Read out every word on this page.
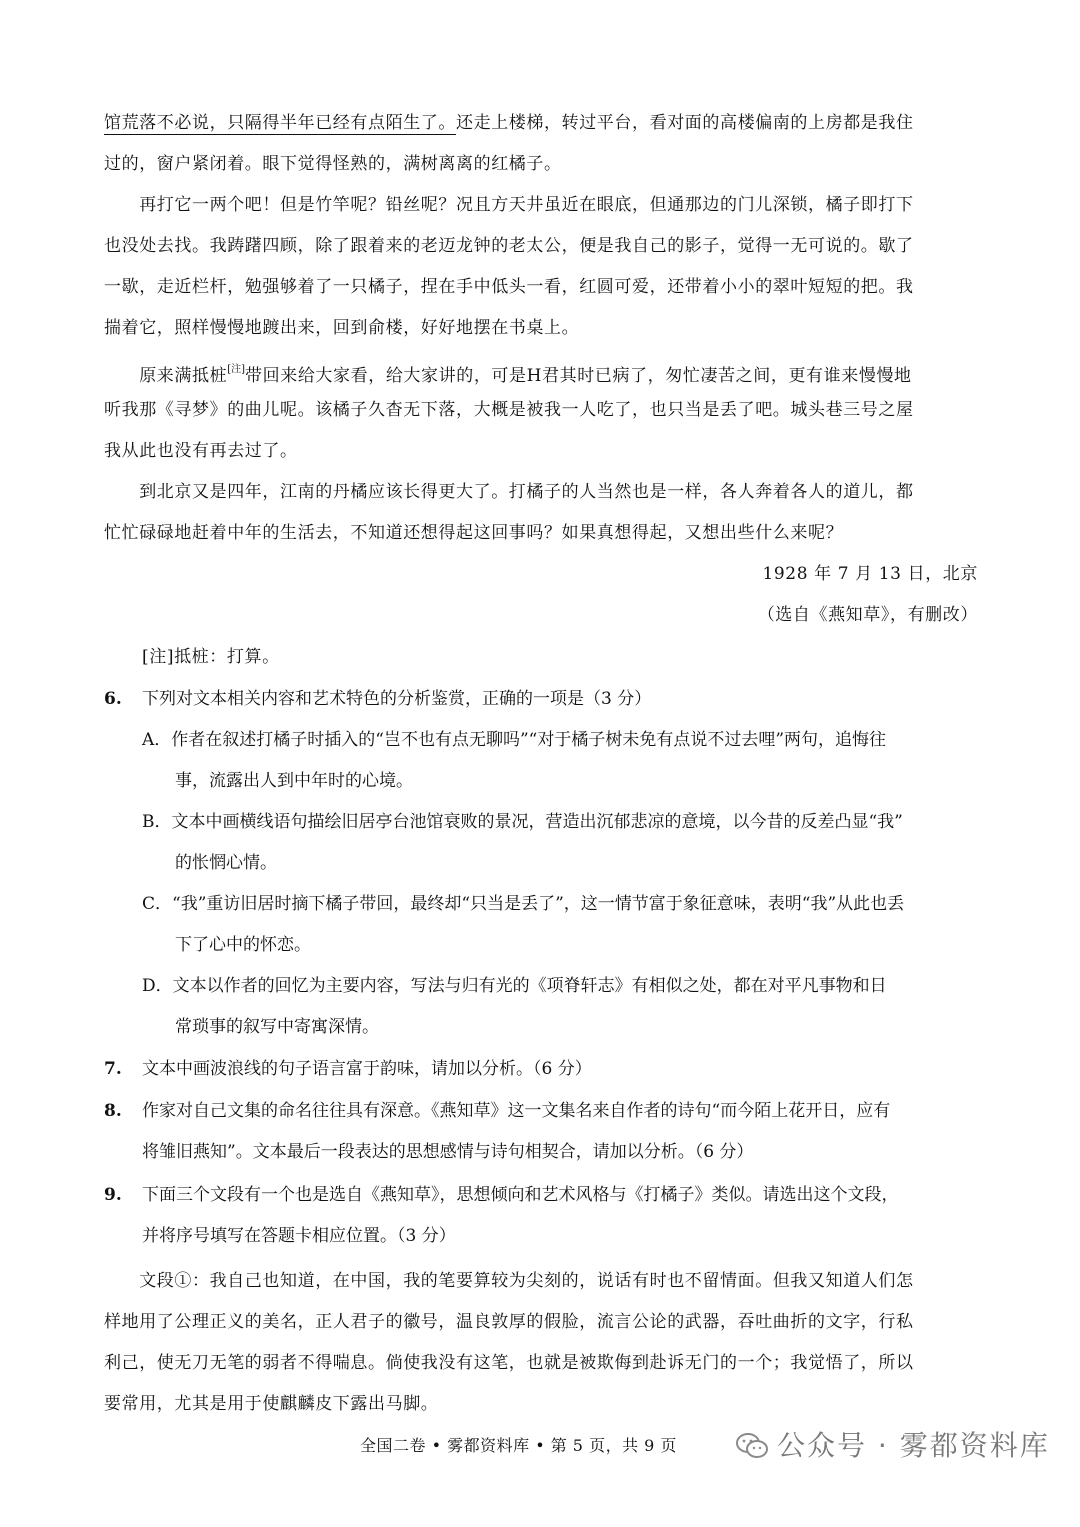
馆荒落不必说，只隔得半年已经有点陌生了。还走上楼梯，转过平台，看对面的高楼偏南的上房都是我住
过的，窗户紧闭着。眼下觉得怪熟的，满树离离的红橘子。
　　再打它一两个吧！但是竹竿呢？铅丝呢？况且方天井虽近在眼底，但通那边的门儿深锁，橘子即打下
也没处去找。我踌躇四顾，除了跟着来的老迈龙钟的老太公，便是我自己的影子，觉得一无可说的。歇了
一歇，走近栏杆，勉强够着了一只橘子，捏在手中低头一看，红圆可爱，还带着小小的翠叶短短的把。我
揣着它，照样慢慢地踱出来，回到俞楼，好好地摆在书桌上。
　　原来满抵桩[注]带回来给大家看，给大家讲的，可是H君其时已病了，匆忙凄苦之间，更有谁来慢慢地
听我那《寻梦》的曲儿呢。该橘子久杳无下落，大概是被我一人吃了，也只当是丢了吧。城头巷三号之屋
我从此也没有再去过了。
　　到北京又是四年，江南的丹橘应该长得更大了。打橘子的人当然也是一样，各人奔着各人的道儿，都
忙忙碌碌地赶着中年的生活去，不知道还想得起这回事吗？如果真想得起，又想出些什么来呢？
1928 年 7 月 13 日，北京
（选自《燕知草》，有删改）
[注]抵桩：打算。
6. 下列对文本相关内容和艺术特色的分析鉴赏，正确的一项是（3 分）
A．作者在叙述打橘子时插入的“岂不也有点无聊吗”“对于橘子树未免有点说不过去哩”两句，追悔往
事，流露出人到中年时的心境。
B．文本中画横线语句描绘旧居亭台池馆衰败的景况，营造出沉郁悲凉的意境，以今昔的反差凸显“我”
的怅惘心情。
C．“我”重访旧居时摘下橘子带回，最终却“只当是丢了”，这一情节富于象征意味，表明“我”从此也丢
下了心中的怀恋。
D．文本以作者的回忆为主要内容，写法与归有光的《项脊轩志》有相似之处，都在对平凡事物和日
常琐事的叙写中寄寓深情。
7. 文本中画波浪线的句子语言富于韵味，请加以分析。（6 分）
8. 作家对自己文集的命名往往具有深意。《燕知草》这一文集名来自作者的诗句“而今陌上花开日，应有
将雏旧燕知”。文本最后一段表达的思想感情与诗句相契合，请加以分析。（6 分）
9. 下面三个文段有一个也是选自《燕知草》，思想倾向和艺术风格与《打橘子》类似。请选出这个文段，
并将序号填写在答题卡相应位置。（3 分）
　　文段①：我自己也知道，在中国，我的笔要算较为尖刻的，说话有时也不留情面。但我又知道人们怎
样地用了公理正义的美名，正人君子的徽号，温良敦厚的假脸，流言公论的武器，吞吐曲折的文字，行私
利己，使无刀无笔的弱者不得喘息。倘使我没有这笔，也就是被欺侮到赴诉无门的一个；我觉悟了，所以
要常用，尤其是用于使麒麟皮下露出马脚。
全国二卷 • 雾都资料库 • 第 5 页，共 9 页	公众号 · 雾都资料库
